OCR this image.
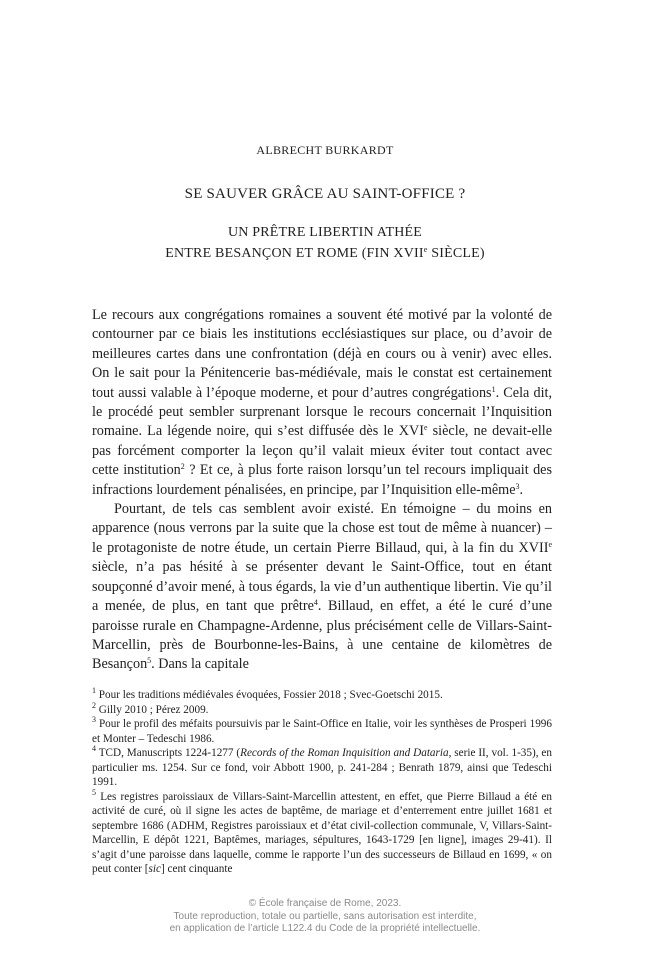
ALBRECHT BURKARDT
SE SAUVER GRÂCE AU SAINT-OFFICE ?
UN PRÊTRE LIBERTIN ATHÉE
ENTRE BESANÇON ET ROME (FIN XVIIe SIÈCLE)

Le recours aux congrégations romaines a souvent été motivé par la volonté de contourner par ce biais les institutions ecclésiastiques sur place, ou d’avoir de meilleures cartes dans une confrontation (déjà en cours ou à venir) avec elles. On le sait pour la Pénitencerie bas-médiévale, mais le constat est certainement tout aussi valable à l’époque moderne, et pour d’autres congrégations$^1$. Cela dit, le procédé peut sembler surprenant lorsque le recours concernait l’Inquisition romaine. La légende noire, qui s’est diffusée dès le XVIe siècle, ne devait-elle pas forcément comporter la leçon qu’il valait mieux éviter tout contact avec cette institution$^2$ ? Et ce, à plus forte raison lorsqu’un tel recours impliquait des infractions lourdement pénalisées, en principe, par l’Inquisition elle-même$^3$.

Pourtant, de tels cas semblent avoir existé. En témoigne – du moins en apparence (nous verrons par la suite que la chose est tout de même à nuancer) – le protagoniste de notre étude, un certain Pierre Billaud, qui, à la fin du XVIIe siècle, n’a pas hésité à se présenter devant le Saint-Office, tout en étant soupçonné d’avoir mené, à tous égards, la vie d’un authentique libertin. Vie qu’il a menée, de plus, en tant que prêtre$^4$. Billaud, en effet, a été le curé d’une paroisse rurale en Champagne-Ardenne, plus précisément celle de Villars-Saint-Marcellin, près de Bourbonne-les-Bains, à une centaine de kilomètres de Besançon$^5$. Dans la capitale

$^1$ Pour les traditions médiévales évoquées, Fossier 2018 ; Svec-Goetschi 2015.

$^2$ Gilly 2010 ; Pérez 2009.

$^3$ Pour le profil des méfaits poursuivis par le Saint-Office en Italie, voir les synthèses de Prosperi 1996 et Monter – Tedeschi 1986.

$^4$ TCD, Manuscripts 1224-1277 (Records of the Roman Inquisition and Dataria, serie II, vol. 1-35), en particulier ms. 1254. Sur ce fond, voir Abbott 1900, p. 241-284 ; Benrath 1879, ainsi que Tedeschi 1991.

$^5$ Les registres paroissiaux de Villars-Saint-Marcellin attestent, en effet, que Pierre Billaud a été en activité de curé, où il signe les actes de baptême, de mariage et d’enterrement entre juillet 1681 et septembre 1686 (ADHM, Registres paroissiaux et d’état civil-collection communale, V, Villars-Saint-Marcellin, E dépôt 1221, Baptêmes, mariages, sépultures, 1643-1729 [en ligne], images 29-41). Il s’agit d’une paroisse dans laquelle, comme le rapporte l’un des successeurs de Billaud en 1699, « on peut conter [sic] cent cinquante

© École française de Rome, 2023.
Toute reproduction, totale ou partielle, sans autorisation est interdite,
en application de l’article L122.4 du Code de la propriété intellectuelle.
